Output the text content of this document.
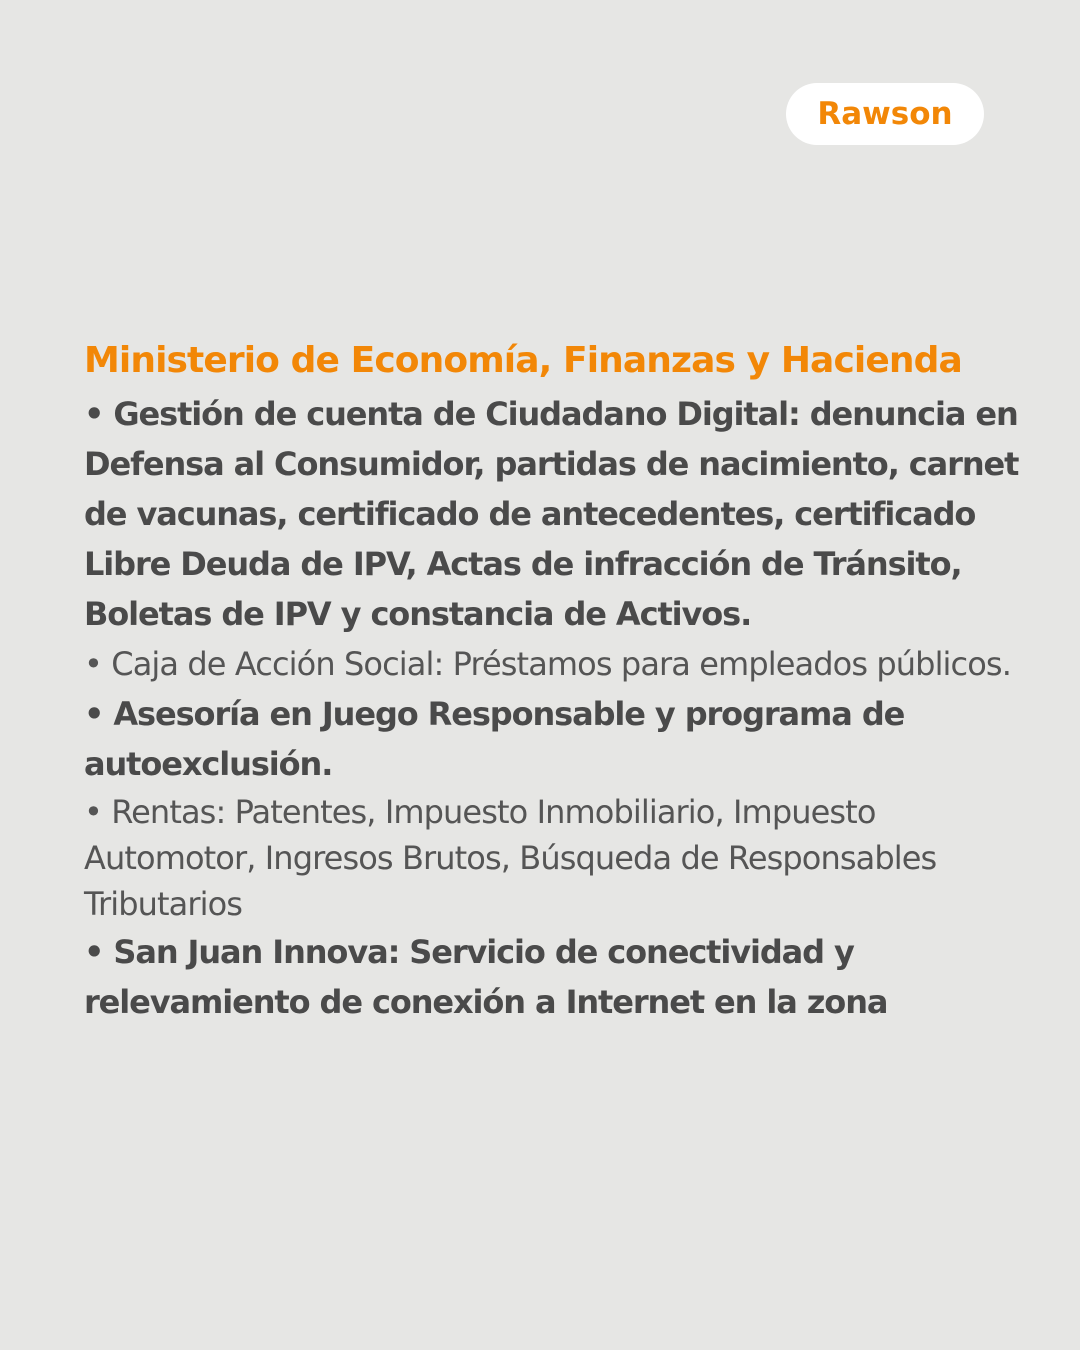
Rawson
Ministerio de Economía, Finanzas y Hacienda

• Gestión de cuenta de Ciudadano Digital: denuncia en Defensa al Consumidor, partidas de nacimiento, carnet de vacunas, certificado de antecedentes, certificado Libre Deuda de IPV, Actas de infracción de Tránsito, Boletas de IPV y constancia de Activos.

• Caja de Acción Social: Préstamos para empleados públicos.

• Asesoría en Juego Responsable y programa de autoexclusión.

• Rentas: Patentes, Impuesto Inmobiliario, Impuesto Automotor, Ingresos Brutos, Búsqueda de Responsables Tributarios

• San Juan Innova: Servicio de conectividad y relevamiento de conexión a Internet en la zona
